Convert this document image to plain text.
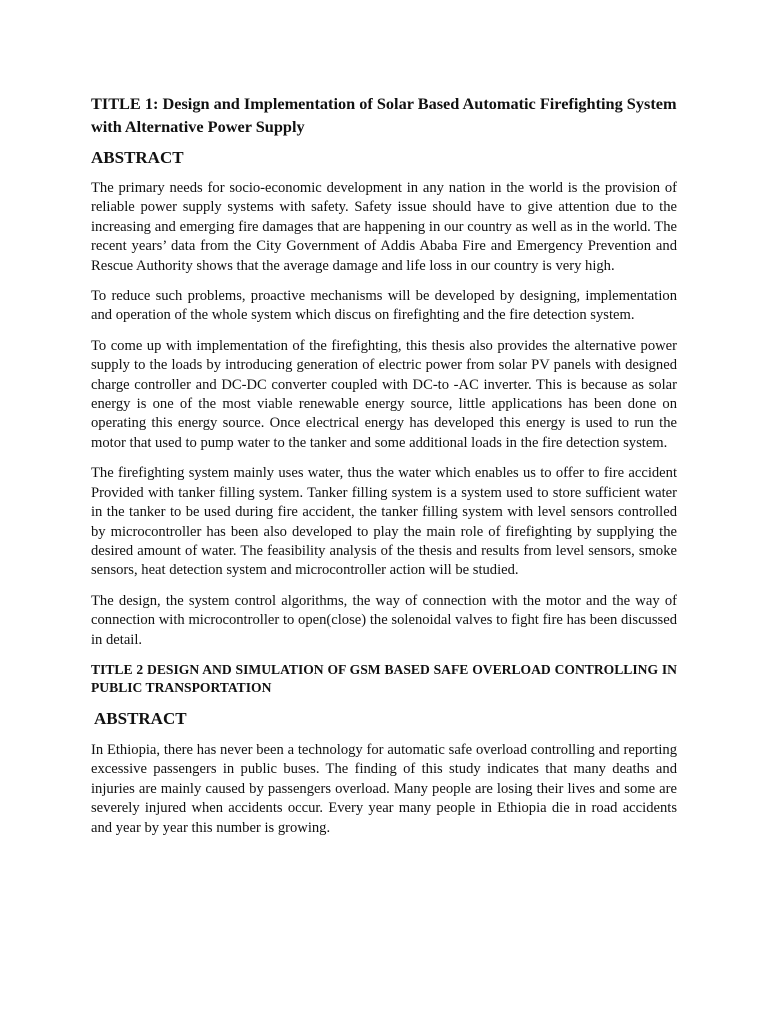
TITLE 1: Design and Implementation of Solar Based Automatic Firefighting System with Alternative Power Supply
ABSTRACT

The primary needs for socio-economic development in any nation in the world is the provision of reliable power supply systems with safety. Safety issue should have to give attention due to the increasing and emerging fire damages that are happening in our country as well as in the world. The recent years’ data from the City Government of Addis Ababa Fire and Emergency Prevention and Rescue Authority shows that the average damage and life loss in our country is very high.

To reduce such problems, proactive mechanisms will be developed by designing, implementation and operation of the whole system which discus on firefighting and the fire detection system.

To come up with implementation of the firefighting, this thesis also provides the alternative power supply to the loads by introducing generation of electric power from solar PV panels with designed charge controller and DC-DC converter coupled with DC-to -AC inverter. This is because as solar energy is one of the most viable renewable energy source, little applications has been done on operating this energy source. Once electrical energy has developed this energy is used to run the motor that used to pump water to the tanker and some additional loads in the fire detection system.

The firefighting system mainly uses water, thus the water which enables us to offer to fire accident Provided with tanker filling system. Tanker filling system is a system used to store sufficient water in the tanker to be used during fire accident, the tanker filling system with level sensors controlled by microcontroller has been also developed to play the main role of firefighting by supplying the desired amount of water. The feasibility analysis of the thesis and results from level sensors, smoke sensors, heat detection system and microcontroller action will be studied.

The design, the system control algorithms, the way of connection with the motor and the way of connection with microcontroller to open(close) the solenoidal valves to fight fire has been discussed in detail.

TITLE 2 DESIGN AND SIMULATION OF GSM BASED SAFE OVERLOAD CONTROLLING IN PUBLIC TRANSPORTATION
ABSTRACT

In Ethiopia, there has never been a technology for automatic safe overload controlling and reporting excessive passengers in public buses. The finding of this study indicates that many deaths and injuries are mainly caused by passengers overload. Many people are losing their lives and some are severely injured when accidents occur. Every year many people in Ethiopia die in road accidents and year by year this number is growing.
